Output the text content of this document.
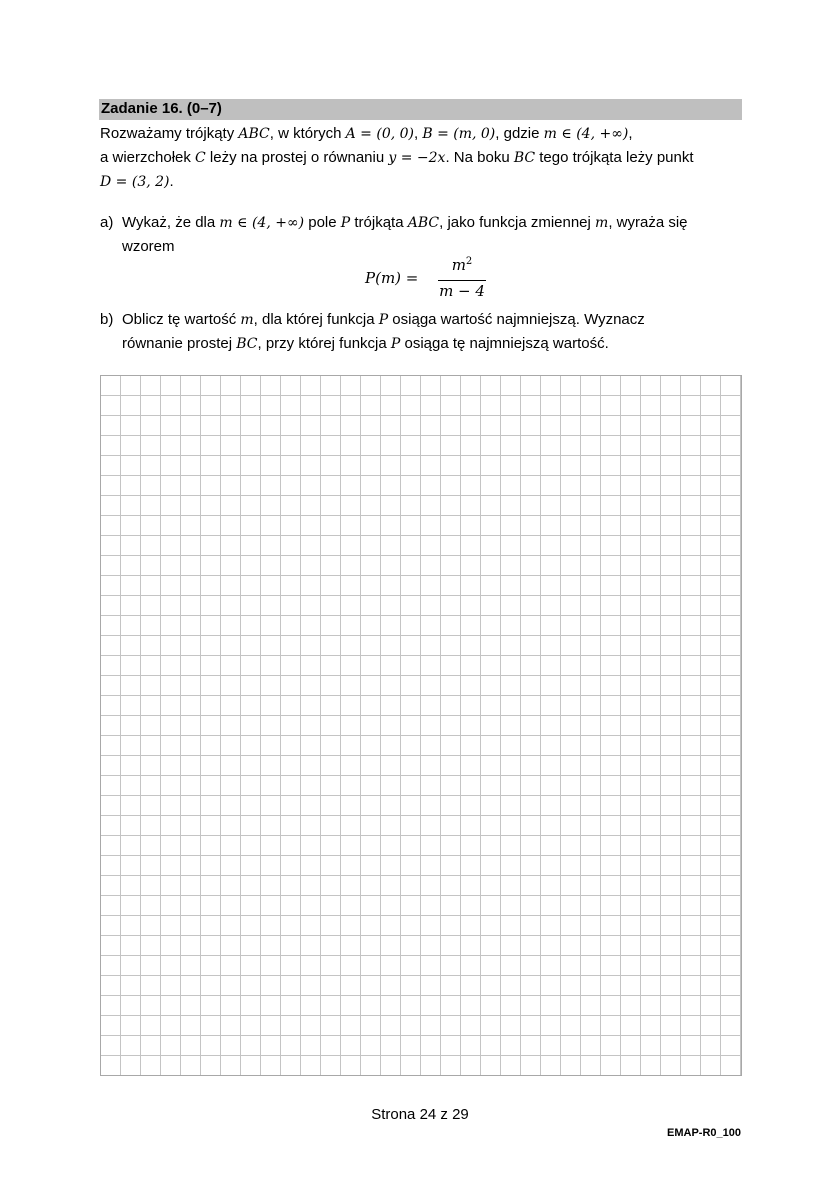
Zadanie 16. (0–7)
Rozważamy trójkąty ABC, w których A = (0, 0), B = (m, 0), gdzie m ∈ (4, +∞),
a wierzchołek C leży na prostej o równaniu y = −2x. Na boku BC tego trójkąta leży punkt
D = (3, 2).
a) Wykaż, że dla m ∈ (4, +∞) pole P trójkąta ABC, jako funkcja zmiennej m, wyraża się
wzorem
P(m) =
$m^2$
m − 4
b) Oblicz tę wartość m, dla której funkcja P osiąga wartość najmniejszą. Wyznacz
równanie prostej BC, przy której funkcja P osiąga tę najmniejszą wartość.
Strona 24 z 29
EMAP-R0_100
